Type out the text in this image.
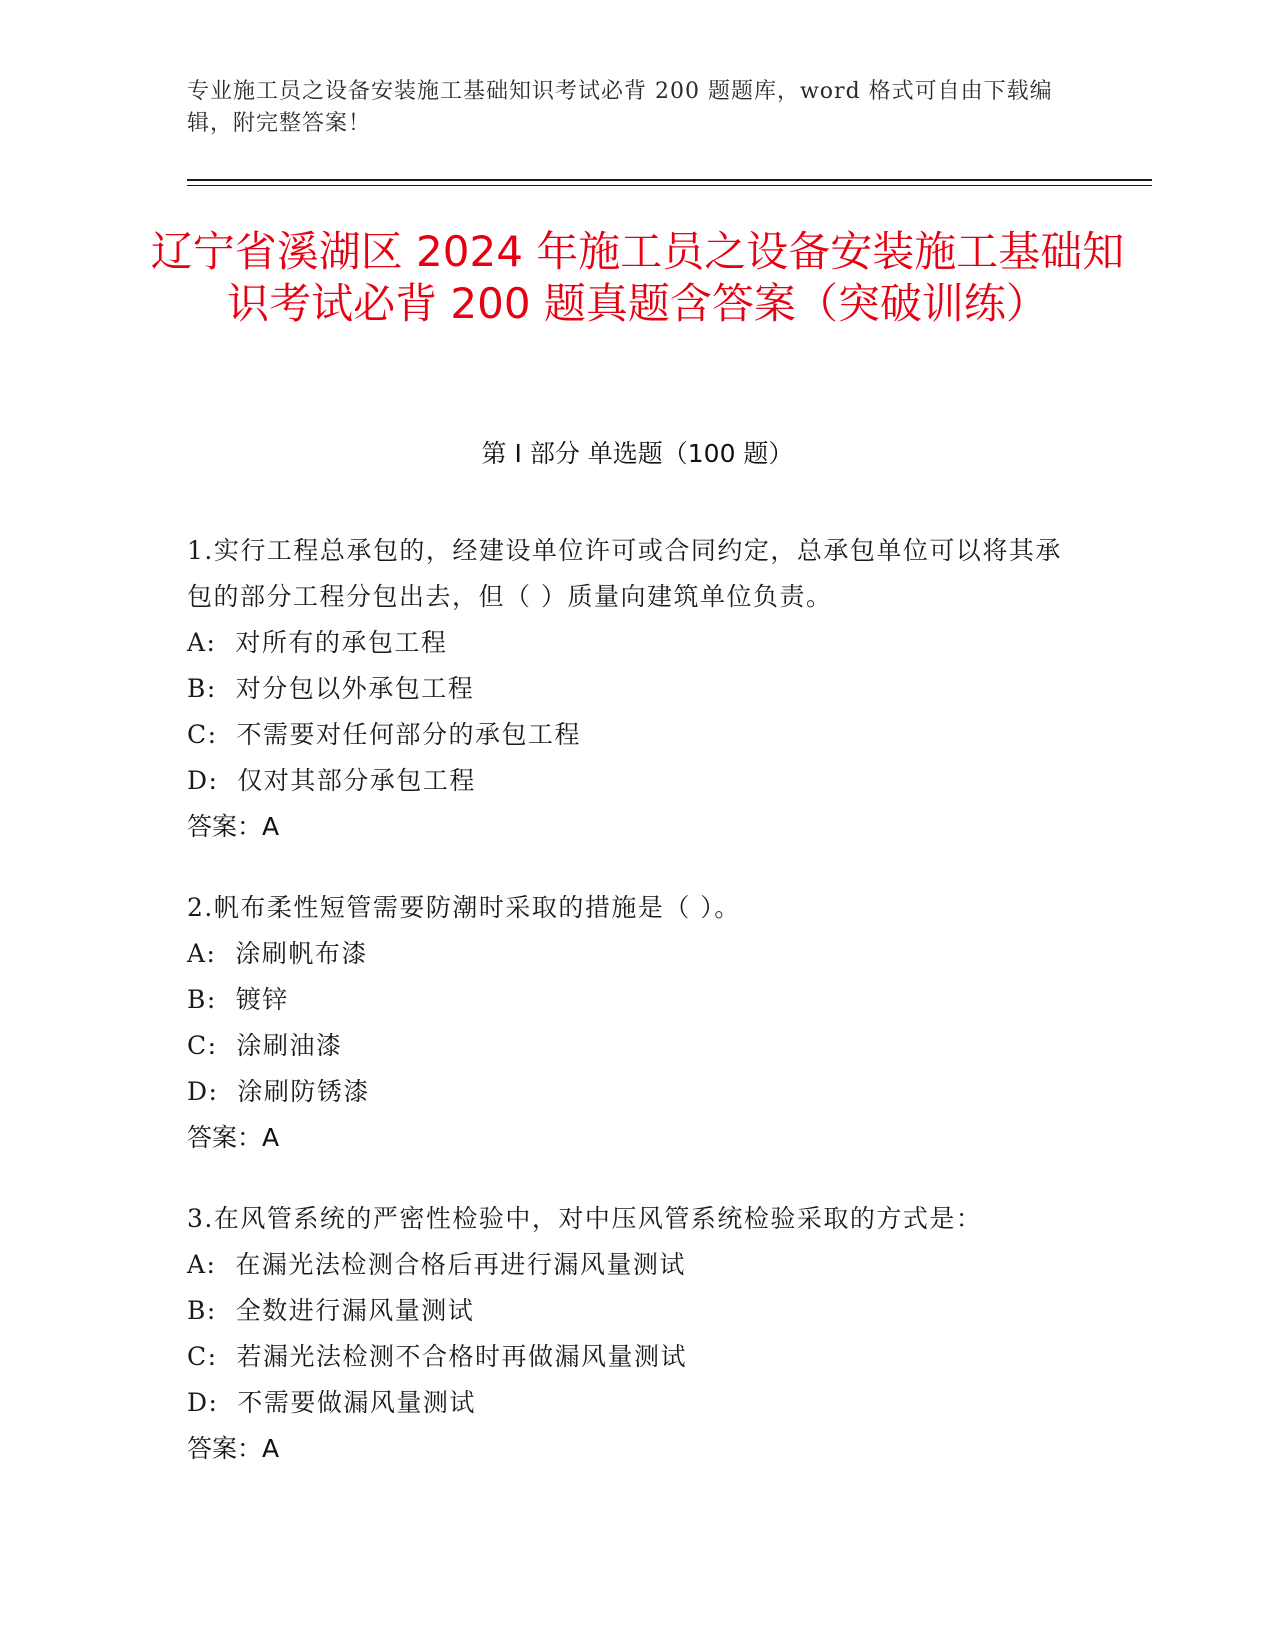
专业施工员之设备安装施工基础知识考试必背 200 题题库，word 格式可自由下载编辑，附完整答案！
辽宁省溪湖区 2024 年施工员之设备安装施工基础知识考试必背 200 题真题含答案（突破训练）
第 I 部分 单选题（100 题）
1.实行工程总承包的，经建设单位许可或合同约定，总承包单位可以将其承包的部分工程分包出去，但（ ）质量向建筑单位负责。
A:  对所有的承包工程
B:  对分包以外承包工程
C:  不需要对任何部分的承包工程
D:  仅对其部分承包工程
答案：A
2.帆布柔性短管需要防潮时采取的措施是（ ）。
A:  涂刷帆布漆
B:  镀锌
C:  涂刷油漆
D:  涂刷防锈漆
答案：A
3.在风管系统的严密性检验中，对中压风管系统检验采取的方式是：
A:  在漏光法检测合格后再进行漏风量测试
B:  全数进行漏风量测试
C:  若漏光法检测不合格时再做漏风量测试
D:  不需要做漏风量测试
答案：A
